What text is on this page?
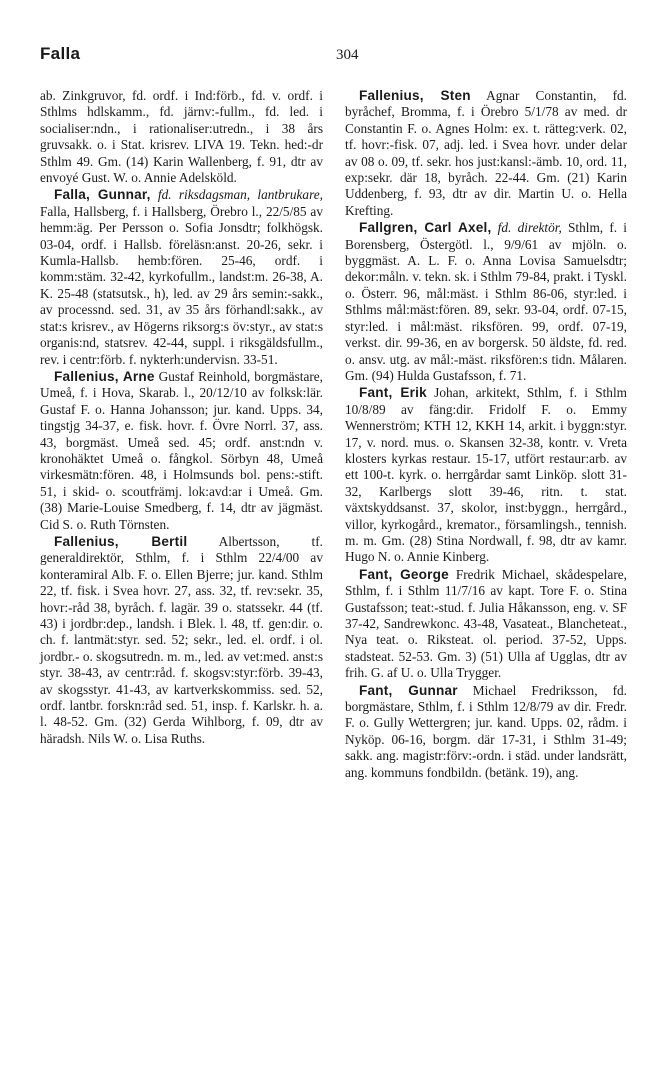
Falla	304

ab. Zinkgruvor, fd. ordf. i Ind:förb., fd. v. ordf. i Sthlms hdlskamm., fd. järnv:-fullm., fd. led. i socialiser:ndn., i rationaliser:utredn., i 38 års gruvsakk. o. i Stat. krisrev. LIVA 19. Tekn. hed:-dr Sthlm 49. Gm. (14) Karin Wallenberg, f. 91, dtr av envoyé Gust. W. o. Annie Adelsköld.

Falla, Gunnar, fd. riksdagsman, lantbrukare, Falla, Hallsberg, f. i Hallsberg, Örebro l., 22/5/85 av hemm:äg. Per Persson o. Sofia Jonsdtr; folkhögsk. 03-04, ordf. i Hallsb. föreläsn:anst. 20-26, sekr. i Kumla-Hallsb. hemb:fören. 25-46, ordf. i komm:stäm. 32-42, kyrkofullm., landst:m. 26-38, A. K. 25-48 (statsutsk., h), led. av 29 års semin:-sakk., av processnd. sed. 31, av 35 års förhandl:sakk., av stat:s krisrev., av Högerns riksorg:s öv:styr., av stat:s organis:nd, statsrev. 42-44, suppl. i riksgäldsfullm., rev. i centr:förb. f. nykterh:undervisn. 33-51.

Fallenius, Arne Gustaf Reinhold, borgmästare, Umeå, f. i Hova, Skarab. l., 20/12/10 av folksk:lär. Gustaf F. o. Hanna Johansson; jur. kand. Upps. 34, tingstjg 34-37, e. fisk. hovr. f. Övre Norrl. 37, ass. 43, borgmäst. Umeå sed. 45; ordf. anst:ndn v. kronohäktet Umeå o. fångkol. Sörbyn 48, Umeå virkesmätn:fören. 48, i Holmsunds bol. pens:-stift. 51, i skid- o. scoutfrämj. lok:avd:ar i Umeå. Gm. (38) Marie-Louise Smedberg, f. 14, dtr av jägmäst. Cid S. o. Ruth Törnsten.

Fallenius, Bertil Albertsson, tf. generaldirektör, Sthlm, f. i Sthlm 22/4/00 av konteramiral Alb. F. o. Ellen Bjerre; jur. kand. Sthlm 22, tf. fisk. i Svea hovr. 27, ass. 32, tf. rev:sekr. 35, hovr:-råd 38, byråch. f. lagär. 39 o. statssekr. 44 (tf. 43) i jordbr:dep., landsh. i Blek. l. 48, tf. gen:dir. o. ch. f. lantmät:styr. sed. 52; sekr., led. el. ordf. i ol. jordbr.- o. skogsutredn. m. m., led. av vet:med. anst:s styr. 38-43, av centr:råd. f. skogsv:styr:förb. 39-43, av skogsstyr. 41-43, av kartverkskommiss. sed. 52, ordf. lantbr. forskn:råd sed. 51, insp. f. Karlskr. h. a. l. 48-52. Gm. (32) Gerda Wihlborg, f. 09, dtr av häradsh. Nils W. o. Lisa Ruths.

Fallenius, Sten Agnar Constantin, fd. byråchef, Bromma, f. i Örebro 5/1/78 av med. dr Constantin F. o. Agnes Holm: ex. t. rätteg:verk. 02, tf. hovr:-fisk. 07, adj. led. i Svea hovr. under delar av 08 o. 09, tf. sekr. hos just:kansl:-ämb. 10, ord. 11, exp:sekr. där 18, byråch. 22-44. Gm. (21) Karin Uddenberg, f. 93, dtr av dir. Martin U. o. Hella Krefting.

Fallgren, Carl Axel, fd. direktör, Sthlm, f. i Borensberg, Östergötl. l., 9/9/61 av mjöln. o. byggmäst. A. L. F. o. Anna Lovisa Samuelsdtr; dekor:måln. v. tekn. sk. i Sthlm 79-84, prakt. i Tyskl. o. Österr. 96, mål:mäst. i Sthlm 86-06, styr:led. i Sthlms mål:mäst:fören. 89, sekr. 93-04, ordf. 07-15, styr:led. i mål:mäst. riksfören. 99, ordf. 07-19, verkst. dir. 99-36, en av borgersk. 50 äldste, fd. red. o. ansv. utg. av mål:-mäst. riksfören:s tidn. Målaren. Gm. (94) Hulda Gustafsson, f. 71.

Fant, Erik Johan, arkitekt, Sthlm, f. i Sthlm 10/8/89 av fäng:dir. Fridolf F. o. Emmy Wennerström; KTH 12, KKH 14, arkit. i byggn:styr. 17, v. nord. mus. o. Skansen 32-38, kontr. v. Vreta klosters kyrkas restaur. 15-17, utfört restaur:arb. av ett 100-t. kyrk. o. herrgårdar samt Linköp. slott 31-32, Karlbergs slott 39-46, ritn. t. stat. växtskyddsanst. 37, skolor, inst:byggn., herrgård., villor, kyrkogård., kremator., församlingsh., tennish. m. m. Gm. (28) Stina Nordwall, f. 98, dtr av kamr. Hugo N. o. Annie Kinberg.

Fant, George Fredrik Michael, skådespelare, Sthlm, f. i Sthlm 11/7/16 av kapt. Tore F. o. Stina Gustafsson; teat:-stud. f. Julia Håkansson, eng. v. SF 37-42, Sandrewkonc. 43-48, Vasateat., Blancheteat., Nya teat. o. Riksteat. ol. period. 37-52, Upps. stadsteat. 52-53. Gm. 3) (51) Ulla af Ugglas, dtr av frih. G. af U. o. Ulla Trygger.

Fant, Gunnar Michael Fredriksson, fd. borgmästare, Sthlm, f. i Sthlm 12/8/79 av dir. Fredr. F. o. Gully Wettergren; jur. kand. Upps. 02, rådm. i Nyköp. 06-16, borgm. där 17-31, i Sthlm 31-49; sakk. ang. magistr:förv:-ordn. i städ. under landsrätt, ang. kommuns fondbildn. (betänk. 19), ang.
